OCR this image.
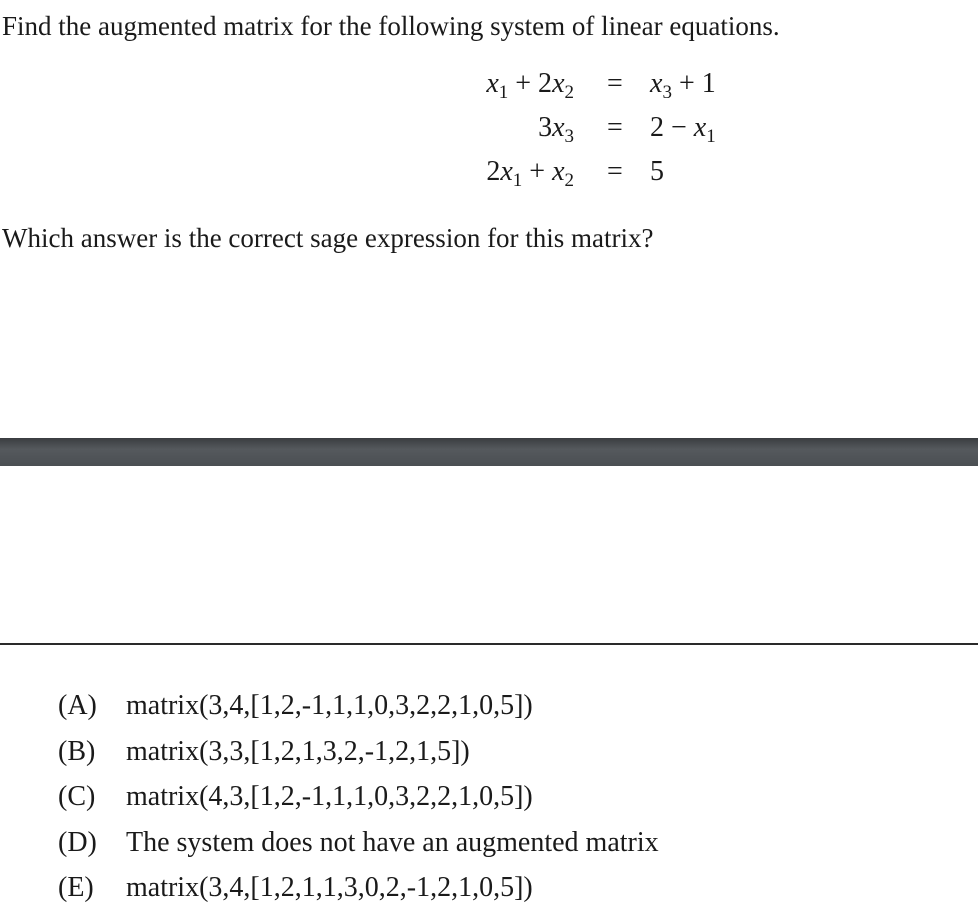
Find the augmented matrix for the following system of linear equations.
$x_1 + 2x_2 = x_3 + 1$
$3x_3 = 2 - x_1$
$2x_1 + x_2 = 5$
Which answer is the correct sage expression for this matrix?
(A) matrix(3,4,[1,2,-1,1,1,0,3,2,2,1,0,5])
(B) matrix(3,3,[1,2,1,3,2,-1,2,1,5])
(C) matrix(4,3,[1,2,-1,1,1,0,3,2,2,1,0,5])
(D) The system does not have an augmented matrix
(E) matrix(3,4,[1,2,1,1,3,0,2,-1,2,1,0,5])
